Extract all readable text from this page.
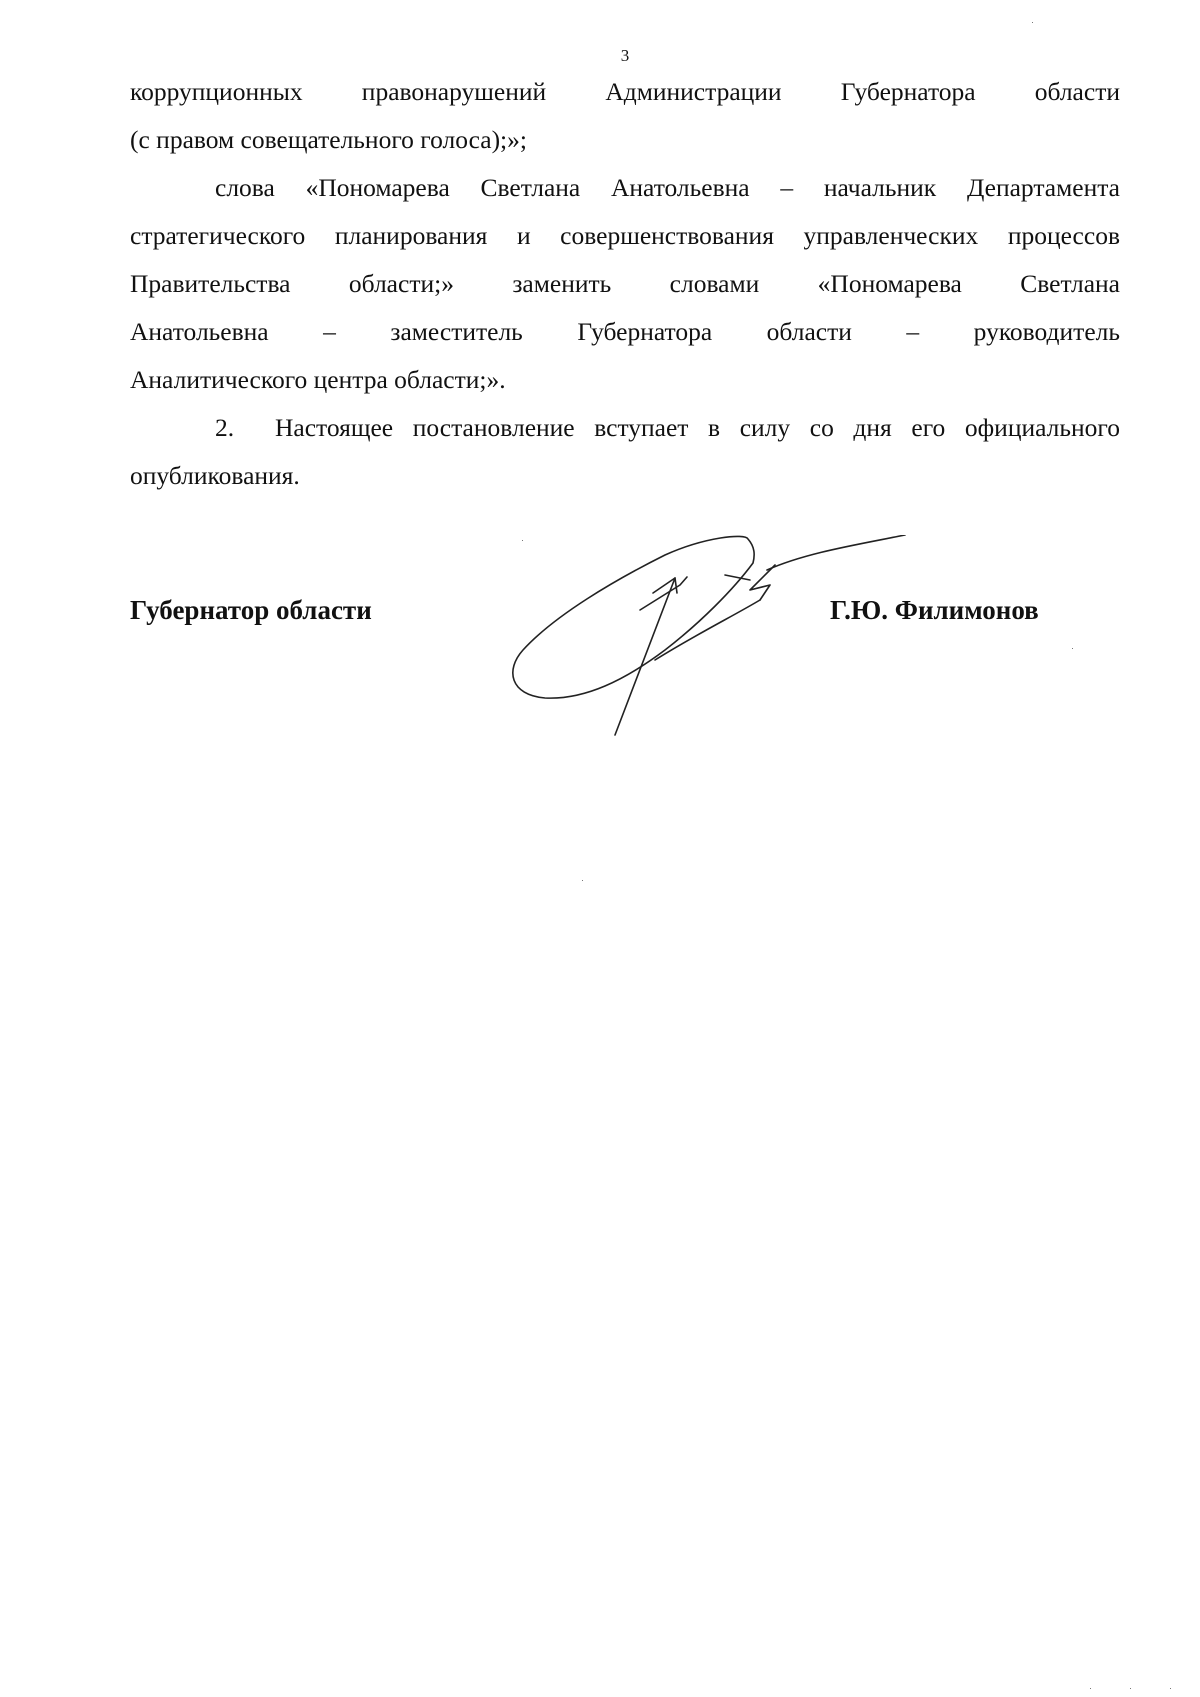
3
коррупционных правонарушений Администрации Губернатора области
(с правом совещательного голоса);»;
слова «Пономарева Светлана Анатольевна – начальник Департамента
стратегического планирования и совершенствования управленческих процессов
Правительства области;» заменить словами «Пономарева Светлана
Анатольевна – заместитель Губернатора области – руководитель
Аналитического центра области;».
2. Настоящее постановление вступает в силу со дня его официального
опубликования.
Губернатор области	Г.Ю. Филимонов
